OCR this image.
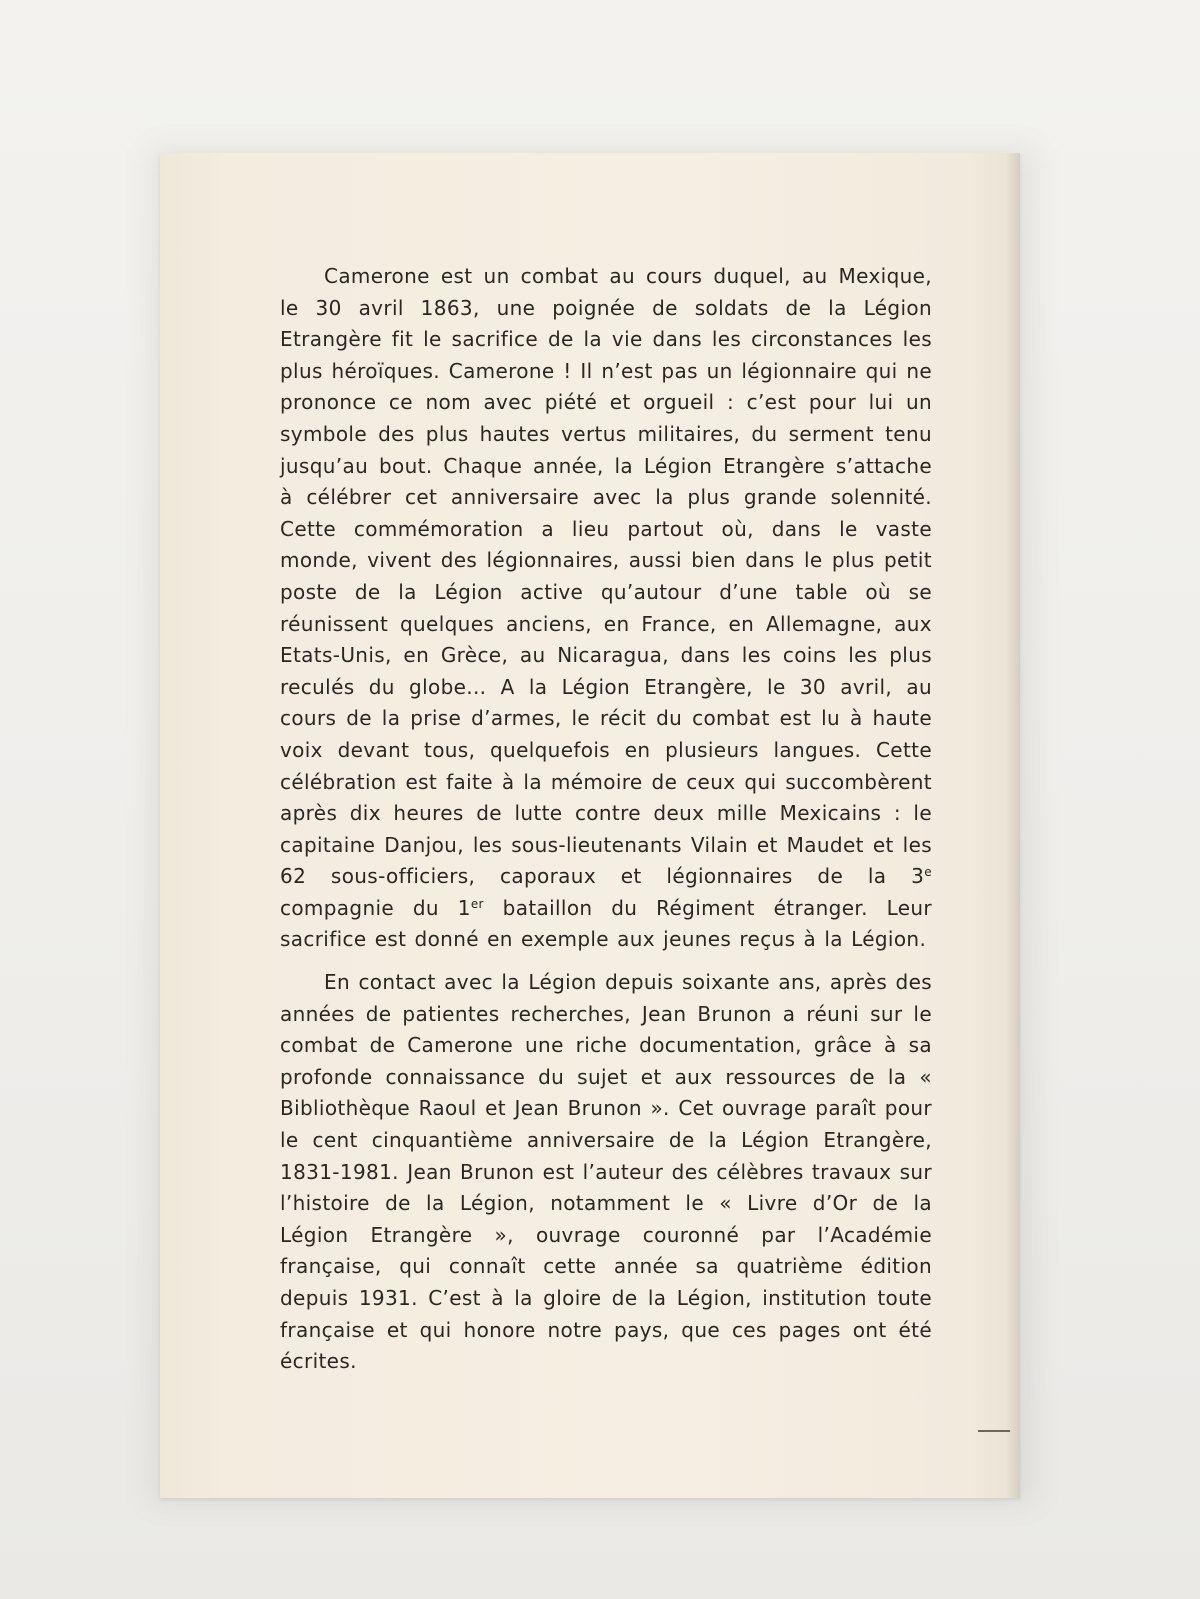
Camerone est un combat au cours duquel, au Mexique, le 30 avril 1863, une poignée de soldats de la Légion Etrangère fit le sacrifice de la vie dans les circonstances les plus héroïques. Camerone ! Il n’est pas un légionnaire qui ne prononce ce nom avec piété et orgueil : c’est pour lui un symbole des plus hautes vertus militaires, du serment tenu jusqu’au bout. Chaque année, la Légion Etrangère s’attache à célébrer cet anniversaire avec la plus grande solennité. Cette commémoration a lieu partout où, dans le vaste monde, vivent des légionnaires, aussi bien dans le plus petit poste de la Légion active qu’autour d’une table où se réunissent quelques anciens, en France, en Allemagne, aux Etats-Unis, en Grèce, au Nicaragua, dans les coins les plus reculés du globe... A la Légion Etrangère, le 30 avril, au cours de la prise d’armes, le récit du combat est lu à haute voix devant tous, quelquefois en plusieurs langues. Cette célébration est faite à la mémoire de ceux qui succombèrent après dix heures de lutte contre deux mille Mexicains : le capitaine Danjou, les sous-lieutenants Vilain et Maudet et les 62 sous-officiers, caporaux et légionnaires de la 3e compagnie du 1er bataillon du Régiment étranger. Leur sacrifice est donné en exemple aux jeunes reçus à la Légion.

En contact avec la Légion depuis soixante ans, après des années de patientes recherches, Jean Brunon a réuni sur le combat de Camerone une riche documentation, grâce à sa profonde connaissance du sujet et aux ressources de la « Bibliothèque Raoul et Jean Brunon ». Cet ouvrage paraît pour le cent cinquantième anniversaire de la Légion Etrangère, 1831-1981. Jean Brunon est l’auteur des célèbres travaux sur l’histoire de la Légion, notamment le « Livre d’Or de la Légion Etrangère », ouvrage couronné par l’Académie française, qui connaît cette année sa quatrième édition depuis 1931. C’est à la gloire de la Légion, institution toute française et qui honore notre pays, que ces pages ont été écrites.
